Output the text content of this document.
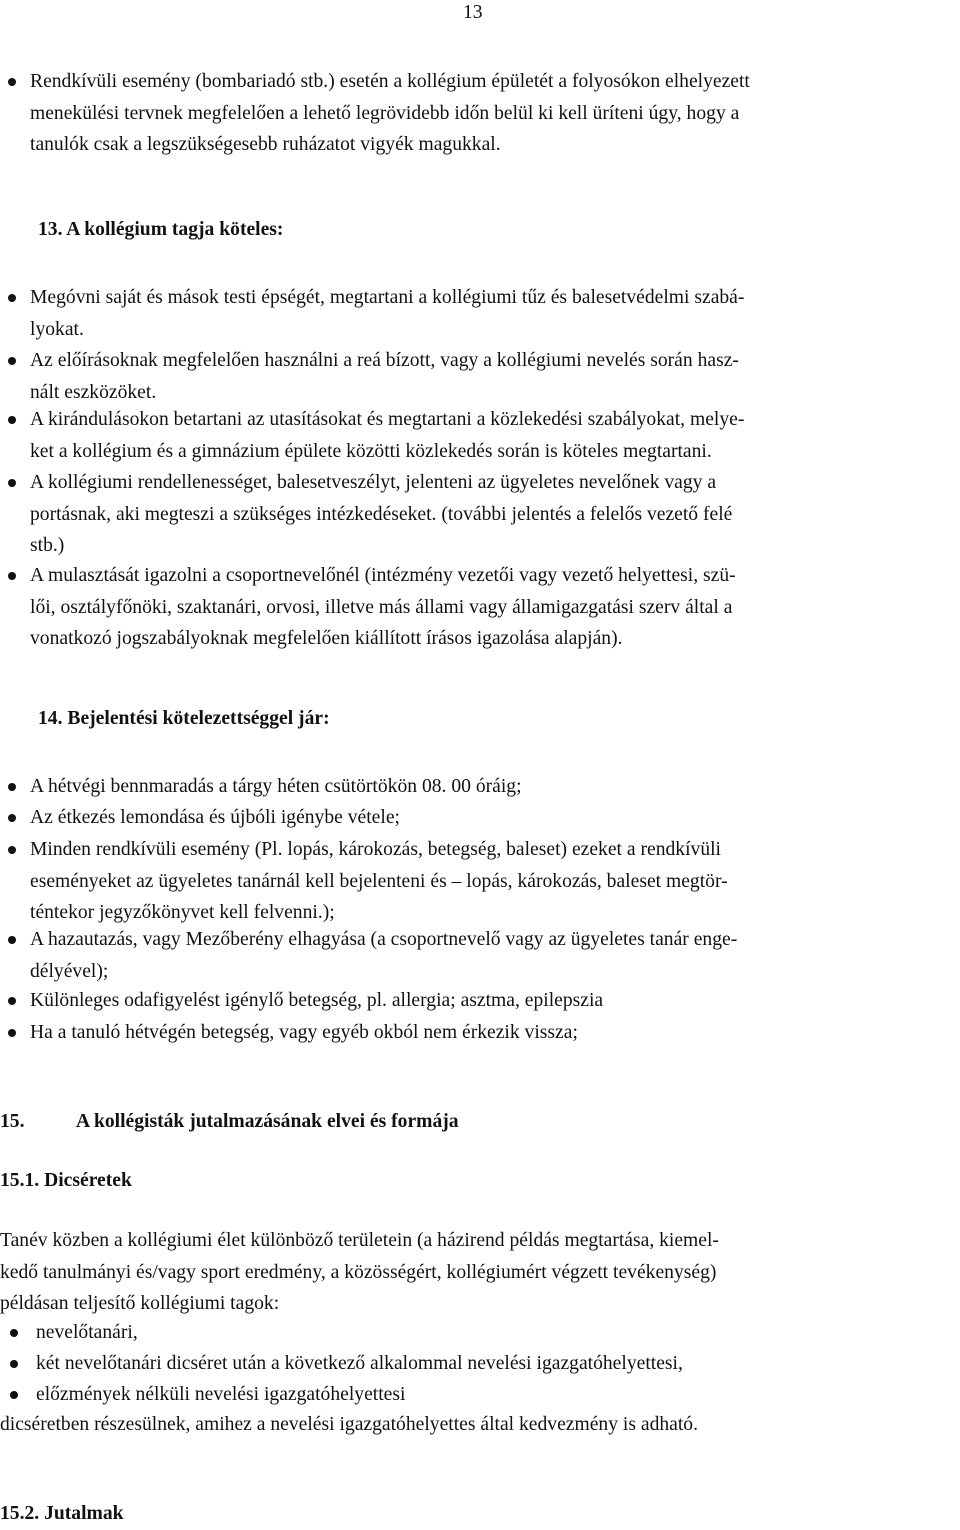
13
Rendkívüli esemény (bombariadó stb.) esetén a kollégium épületét a folyosókon elhelyezett
menekülési tervnek megfelelően a lehető legrövidebb időn belül ki kell üríteni úgy, hogy a
tanulók csak a legszükségesebb ruházatot vigyék magukkal.
13. A kollégium tagja köteles:
Megóvni saját és mások testi épségét, megtartani a kollégiumi tűz és balesetvédelmi szabá-
lyokat.
Az előírásoknak megfelelően használni a reá bízott, vagy a kollégiumi nevelés során hasz-
nált eszközöket.
A kirándulásokon betartani az utasításokat és megtartani a közlekedési szabályokat, melye-
ket a kollégium és a gimnázium épülete közötti közlekedés során is köteles megtartani.
A kollégiumi rendellenességet, balesetveszélyt, jelenteni az ügyeletes nevelőnek vagy a
portásnak, aki megteszi a szükséges intézkedéseket. (további jelentés a felelős vezető felé
stb.)
A mulasztását igazolni a csoportnevelőnél (intézmény vezetői vagy vezető helyettesi, szü-
lői, osztályfőnöki, szaktanári, orvosi, illetve más állami vagy államigazgatási szerv által a
vonatkozó jogszabályoknak megfelelően kiállított írásos igazolása alapján).
14. Bejelentési kötelezettséggel jár:
A hétvégi bennmaradás a tárgy héten csütörtökön 08. 00 óráig;
Az étkezés lemondása és újbóli igénybe vétele;
Minden rendkívüli esemény (Pl. lopás, károkozás, betegség, baleset) ezeket a rendkívüli
eseményeket az ügyeletes tanárnál kell bejelenteni és – lopás, károkozás, baleset megtör-
téntekor jegyzőkönyvet kell felvenni.);
A hazautazás, vagy Mezőberény elhagyása (a csoportnevelő vagy az ügyeletes tanár enge-
délyével);
Különleges odafigyelést igénylő betegség, pl. allergia; asztma, epilepszia
Ha a tanuló hétvégén betegség, vagy egyéb okból nem érkezik vissza;
15.	A kollégisták jutalmazásának elvei és formája
15.1. Dicséretek
Tanév közben a kollégiumi élet különböző területein (a házirend példás megtartása, kiemel-
kedő tanulmányi és/vagy sport eredmény, a közösségért, kollégiumért végzett tevékenység)
példásan teljesítő kollégiumi tagok:
nevelőtanári,
két nevelőtanári dicséret után a következő alkalommal nevelési igazgatóhelyettesi,
előzmények nélküli nevelési igazgatóhelyettesi
dicséretben részesülnek, amihez a nevelési igazgatóhelyettes által kedvezmény is adható.
15.2. Jutalmak
